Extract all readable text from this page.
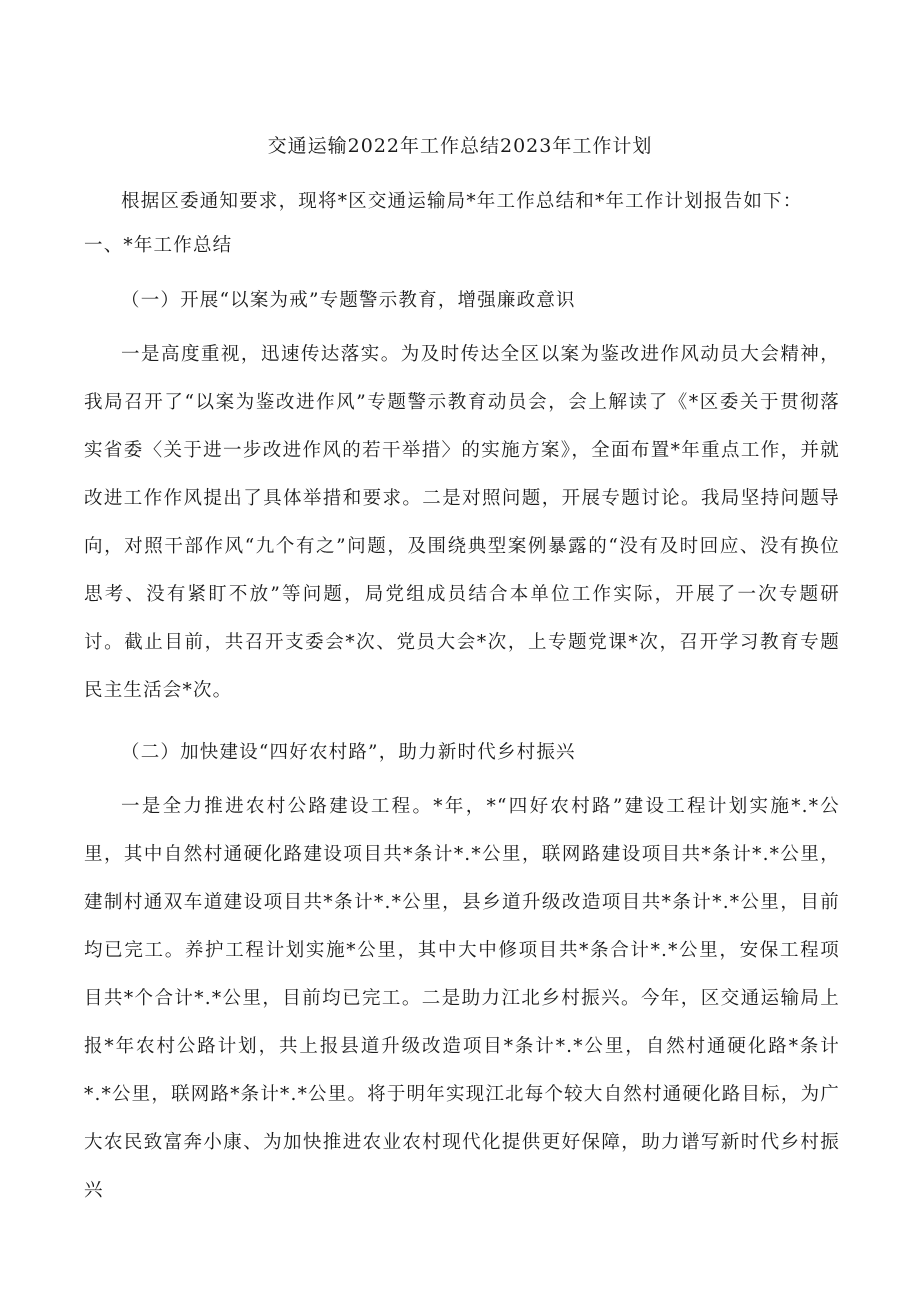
交通运输2022年工作总结2023年工作计划

根据区委通知要求，现将*区交通运输局*年工作总结和*年工作计划报告如下：

一、*年工作总结

（一）开展“以案为戒”专题警示教育，增强廉政意识

一是高度重视，迅速传达落实。为及时传达全区以案为鉴改进作风动员大会精神，我局召开了“以案为鉴改进作风”专题警示教育动员会，会上解读了《*区委关于贯彻落实省委〈关于进一步改进作风的若干举措〉的实施方案》，全面布置*年重点工作，并就改进工作作风提出了具体举措和要求。二是对照问题，开展专题讨论。我局坚持问题导向，对照干部作风“九个有之”问题，及围绕典型案例暴露的“没有及时回应、没有换位思考、没有紧盯不放”等问题，局党组成员结合本单位工作实际，开展了一次专题研讨。截止目前，共召开支委会*次、党员大会*次，上专题党课*次，召开学习教育专题民主生活会*次。

（二）加快建设“四好农村路”，助力新时代乡村振兴

一是全力推进农村公路建设工程。*年，*“四好农村路”建设工程计划实施*.*公里，其中自然村通硬化路建设项目共*条计*.*公里，联网路建设项目共*条计*.*公里，建制村通双车道建设项目共*条计*.*公里，县乡道升级改造项目共*条计*.*公里，目前均已完工。养护工程计划实施*公里，其中大中修项目共*条合计*.*公里，安保工程项目共*个合计*.*公里，目前均已完工。二是助力江北乡村振兴。今年，区交通运输局上报*年农村公路计划，共上报县道升级改造项目*条计*.*公里，自然村通硬化路*条计*.*公里，联网路*条计*.*公里。将于明年实现江北每个较大自然村通硬化路目标，为广大农民致富奔小康、为加快推进农业农村现代化提供更好保障，助力谱写新时代乡村振兴
